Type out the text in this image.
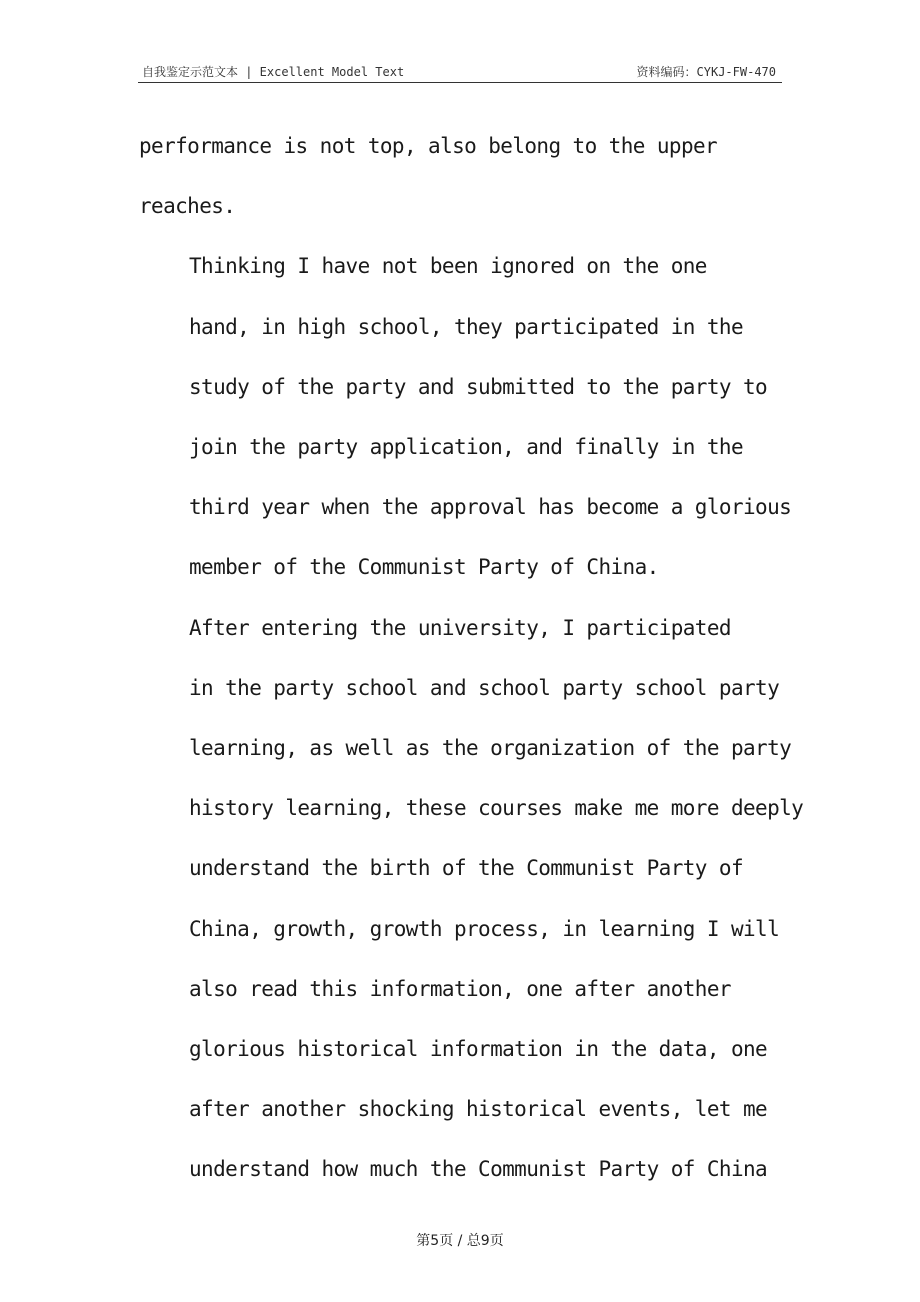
自我鉴定示范文本 | Excellent Model Text	资料编码：CYKJ-FW-470

performance is not top, also belong to the upper
reaches.

Thinking I have not been ignored on the one
hand, in high school, they participated in the
study of the party and submitted to the party to
join the party application, and finally in the
third year when the approval has become a glorious
member of the Communist Party of China.

After entering the university, I participated
in the party school and school party school party
learning, as well as the organization of the party
history learning, these courses make me more deeply
understand the birth of the Communist Party of
China, growth, growth process, in learning I will
also read this information, one after another
glorious historical information in the data, one
after another shocking historical events, let me
understand how much the Communist Party of China

第5页 / 总9页
